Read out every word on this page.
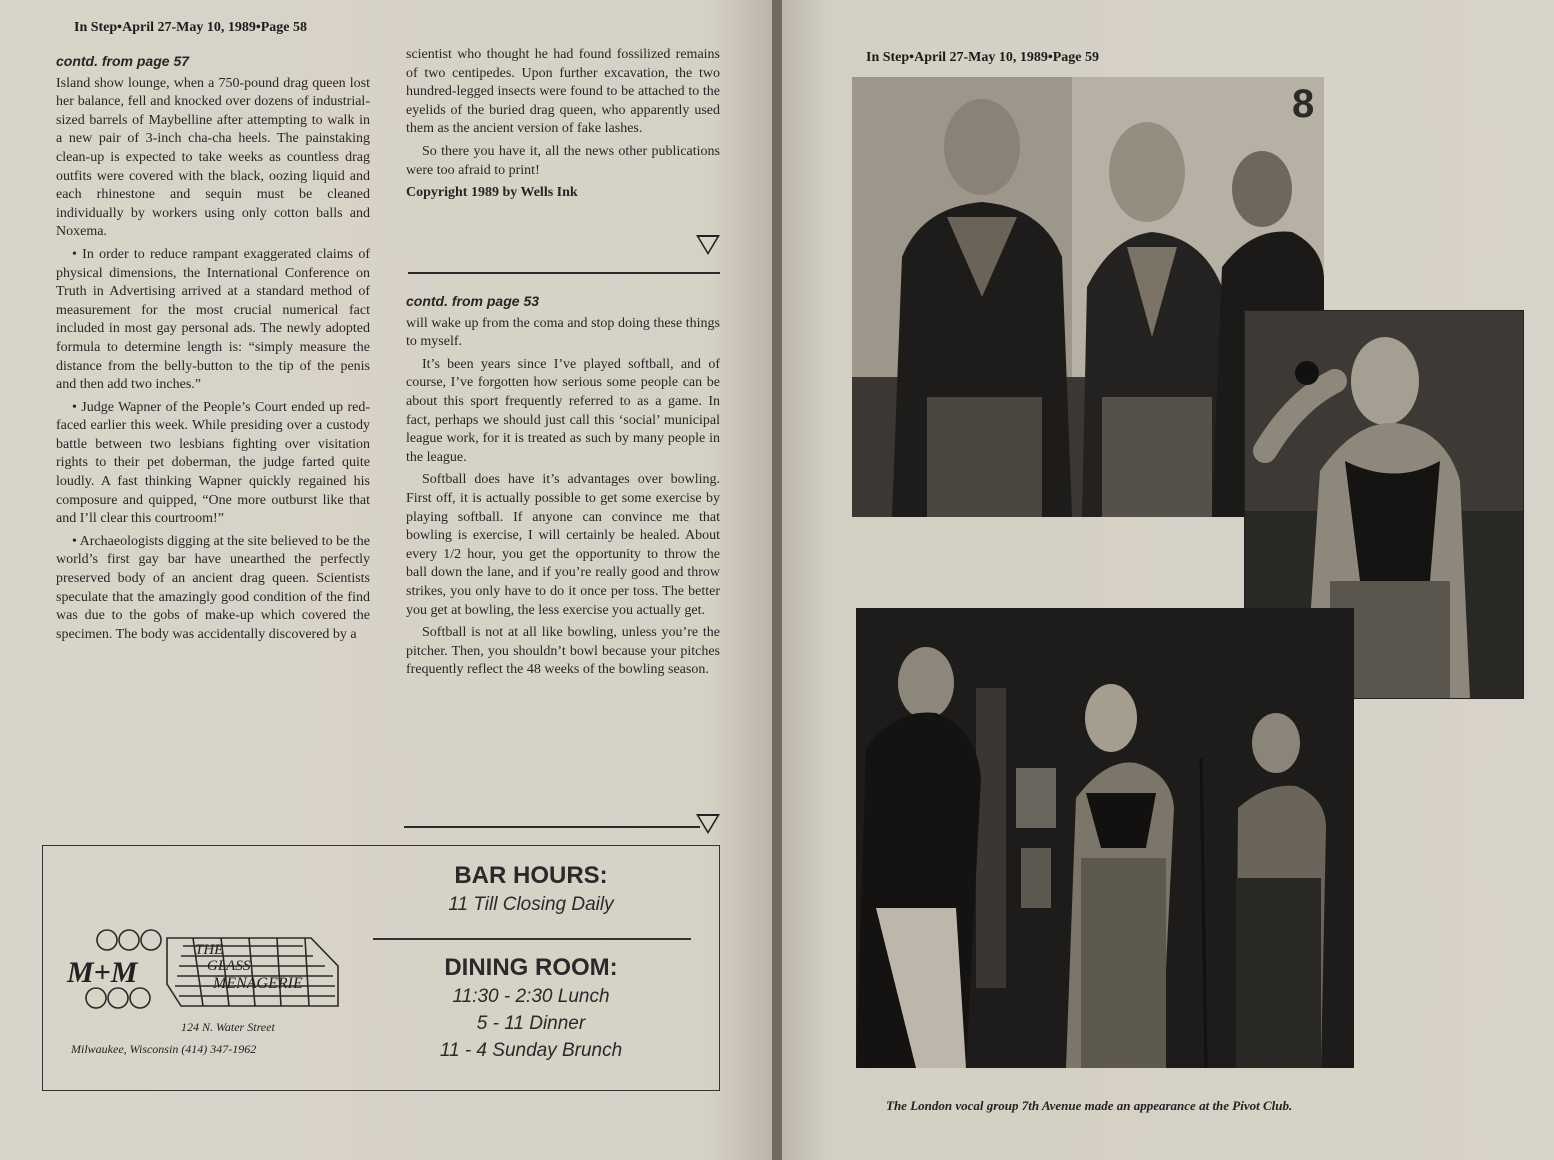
In Step•April 27-May 10, 1989•Page 58
contd. from page 57

Island show lounge, when a 750-pound drag queen lost her balance, fell and knocked over dozens of industrial-sized barrels of Maybelline after attempting to walk in a new pair of 3-inch cha-cha heels. The painstaking clean-up is expected to take weeks as countless drag outfits were covered with the black, oozing liquid and each rhinestone and sequin must be cleaned individually by workers using only cotton balls and Noxema.

• In order to reduce rampant exaggerated claims of physical dimensions, the International Conference on Truth in Advertising arrived at a standard method of measurement for the most crucial numerical fact included in most gay personal ads. The newly adopted formula to determine length is: “simply measure the distance from the belly-button to the tip of the penis and then add two inches.”

• Judge Wapner of the People’s Court ended up red-faced earlier this week. While presiding over a custody battle between two lesbians fighting over visitation rights to their pet doberman, the judge farted quite loudly. A fast thinking Wapner quickly regained his composure and quipped, “One more outburst like that and I’ll clear this courtroom!”

• Archaeologists digging at the site believed to be the world’s first gay bar have unearthed the perfectly preserved body of an ancient drag queen. Scientists speculate that the amazingly good condition of the find was due to the gobs of make-up which covered the specimen. The body was accidentally discovered by a

scientist who thought he had found fossilized remains of two centipedes. Upon further excavation, the two hundred-legged insects were found to be attached to the eyelids of the buried drag queen, who apparently used them as the ancient version of fake lashes.

So there you have it, all the news other publications were too afraid to print!

Copyright 1989 by Wells Ink

contd. from page 53

will wake up from the coma and stop doing these things to myself.

It’s been years since I’ve played softball, and of course, I’ve forgotten how serious some people can be about this sport frequently referred to as a game. In fact, perhaps we should just call this ‘social’ municipal league work, for it is treated as such by many people in the league.

Softball does have it’s advantages over bowling. First off, it is actually possible to get some exercise by playing softball. If anyone can convince me that bowling is exercise, I will certainly be healed. About every 1/2 hour, you get the opportunity to throw the ball down the lane, and if you’re really good and throw strikes, you only have to do it once per toss. The better you get at bowling, the less exercise you actually get.

Softball is not at all like bowling, unless you’re the pitcher. Then, you shouldn’t bowl because your pitches frequently reflect the 48 weeks of the bowling season.

M+M
THE
GLASS
MENAGERIE
124 N. Water Street
Milwaukee, Wisconsin (414) 347-1962
BAR HOURS:
11 Till Closing Daily
DINING ROOM:
11:30 - 2:30 Lunch
5 - 11 Dinner
11 - 4 Sunday Brunch
In Step•April 27-May 10, 1989•Page 59
8
The London vocal group 7th Avenue made an appearance at the Pivot Club.
